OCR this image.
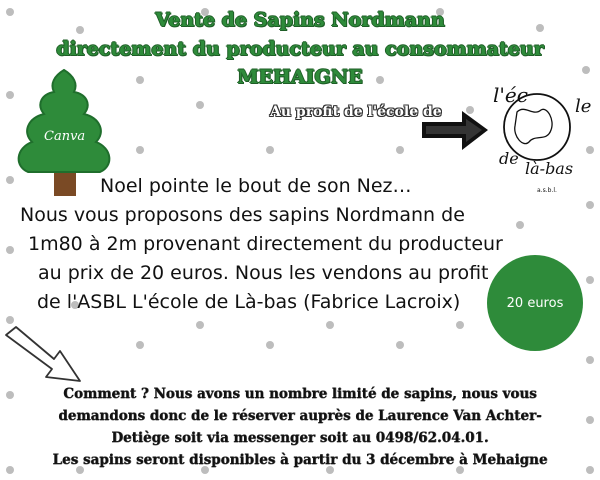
Vente de Sapins Nordmann
directement du producteur au consommateur
MEHAIGNE
Canva
Au profit de l'école de
l'éc	le
de
là-bas
a.s.b.l.
Noel pointe le bout de son Nez…
Nous vous proposons des sapins Nordmann de
1m80 à 2m provenant directement du producteur
au prix de 20 euros. Nous les vendons au profit
de l'ASBL L'école de Là-bas (Fabrice Lacroix)	20 euros
Comment ? Nous avons un nombre limité de sapins, nous vous
demandons donc de le réserver auprès de Laurence Van Achter-
Detiège soit via messenger soit au 0498/62.04.01.
Les sapins seront disponibles à partir du 3 décembre à Mehaigne
